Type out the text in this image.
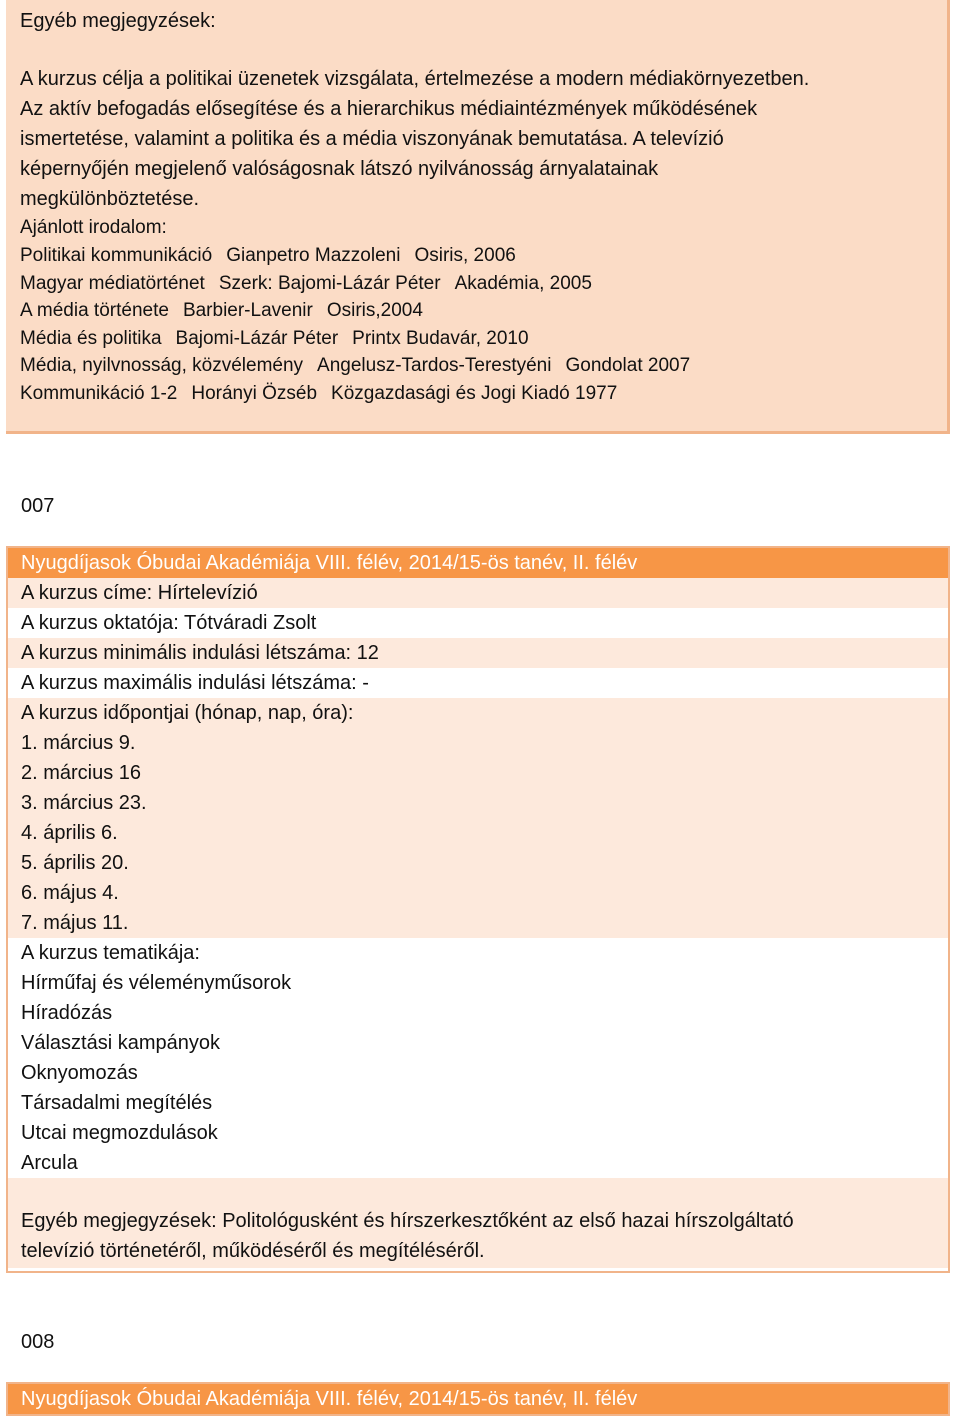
Egyéb megjegyzések:
A kurzus célja a politikai üzenetek vizsgálata, értelmezése a modern médiakörnyezetben.
Az aktív befogadás elősegítése és a hierarchikus médiaintézmények működésének
ismertetése, valamint a politika és a média viszonyának bemutatása. A televízió
képernyőjén megjelenő valóságosnak látszó nyilvánosság árnyalatainak
megkülönböztetése.
Ajánlott irodalom:
Politikai kommunikáció Gianpetro Mazzoleni Osiris, 2006
Magyar médiatörténet Szerk: Bajomi-Lázár Péter Akadémia, 2005
A média története Barbier-Lavenir Osiris,2004
Média és politika Bajomi-Lázár Péter Printx Budavár, 2010
Média, nyilvnosság, közvélemény Angelusz-Tardos-Terestyéni Gondolat 2007
Kommunikáció 1-2 Horányi Özséb Közgazdasági és Jogi Kiadó 1977
007
Nyugdíjasok Óbudai Akadémiája VIII. félév, 2014/15-ös tanév, II. félév
A kurzus címe: Hírtelevízió
A kurzus oktatója: Tótváradi Zsolt
A kurzus minimális indulási létszáma: 12
A kurzus maximális indulási létszáma: -
A kurzus időpontjai (hónap, nap, óra):
1. március 9.
2. március 16
3. március 23.
4. április 6.
5. április 20.
6. május 4.
7. május 11.
A kurzus tematikája:
Hírműfaj és véleményműsorok
Híradózás
Választási kampányok
Oknyomozás
Társadalmi megítélés
Utcai megmozdulások
Arcula
Egyéb megjegyzések: Politológusként és hírszerkesztőként az első hazai hírszolgáltató
televízió történetéről, működéséről és megítéléséről.
008
Nyugdíjasok Óbudai Akadémiája VIII. félév, 2014/15-ös tanév, II. félév
